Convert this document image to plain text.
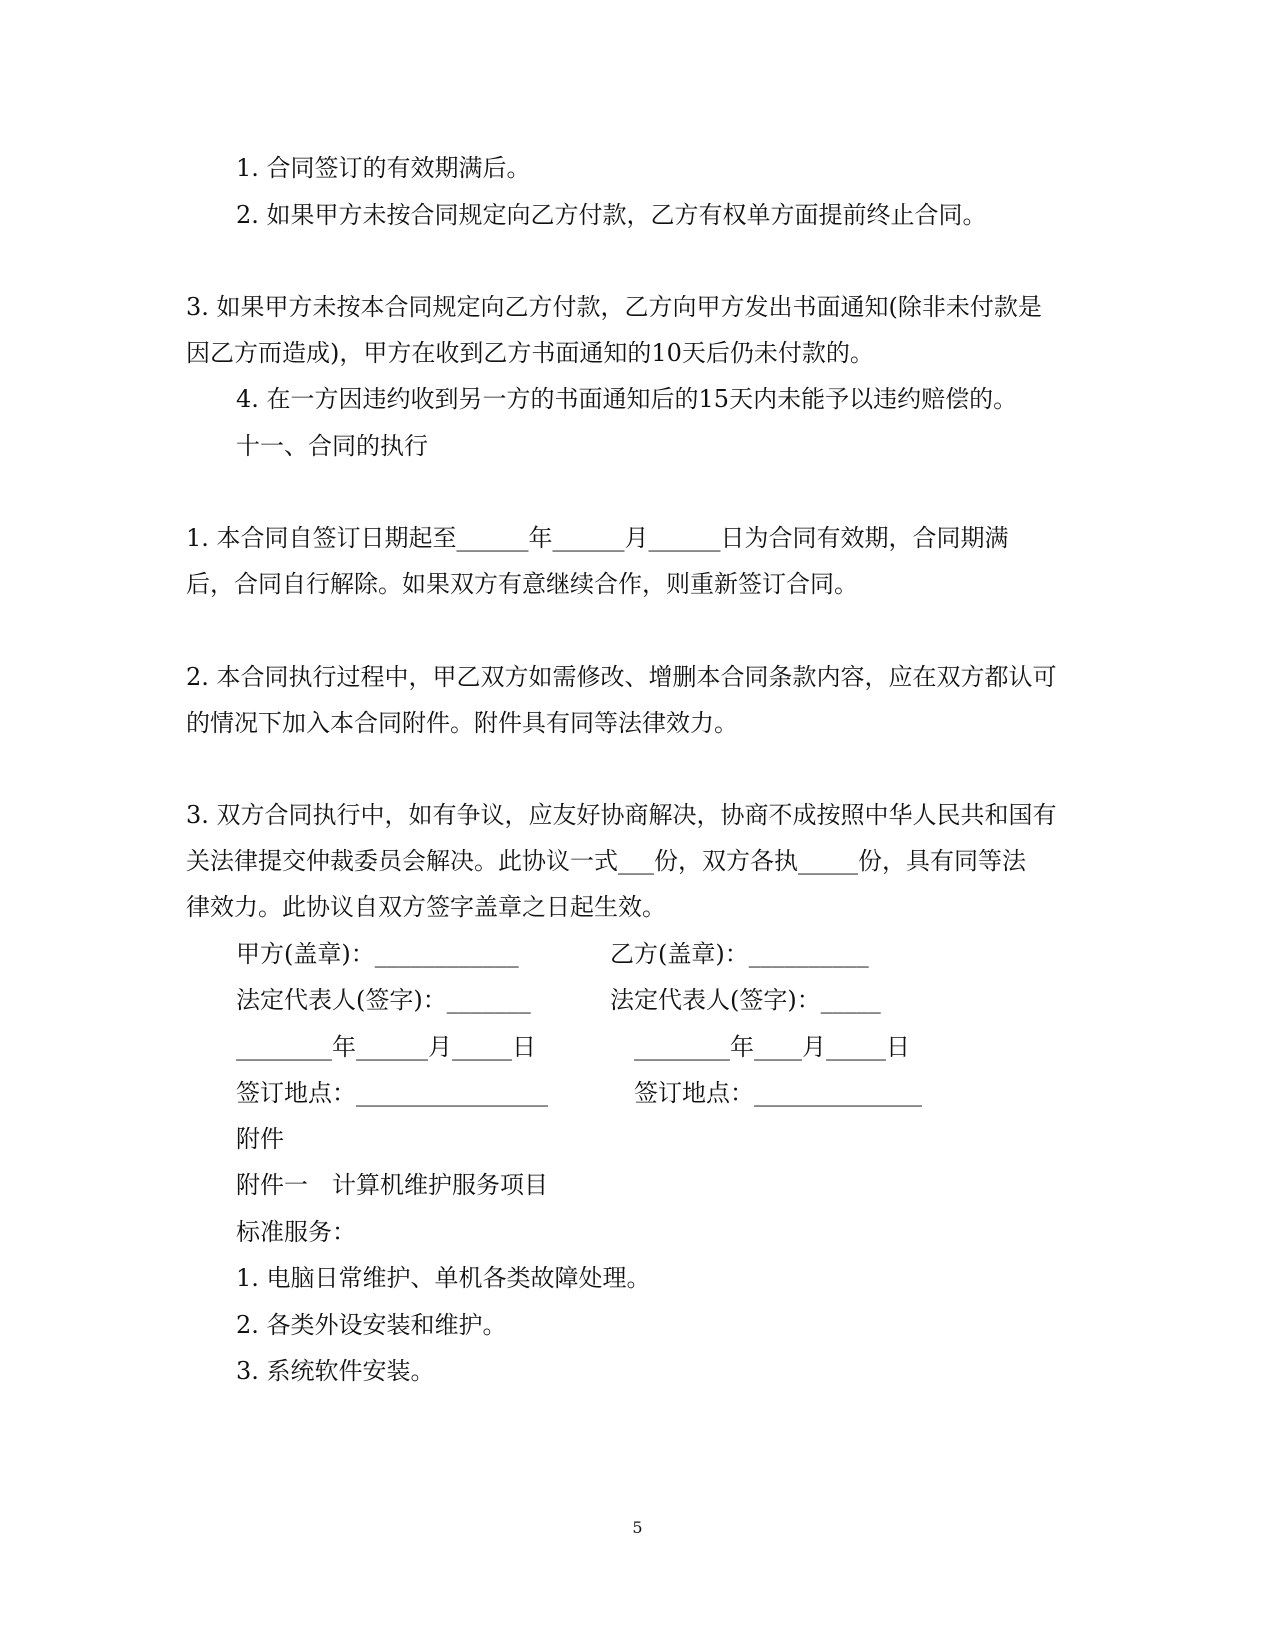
1. 合同签订的有效期满后。
2. 如果甲方未按合同规定向乙方付款，乙方有权单方面提前终止合同。
3. 如果甲方未按本合同规定向乙方付款，乙方向甲方发出书面通知(除非未付款是
因乙方而造成)，甲方在收到乙方书面通知的10天后仍未付款的。
4. 在一方因违约收到另一方的书面通知后的15天内未能予以违约赔偿的。
十一、合同的执行
1. 本合同自签订日期起至______年______月______日为合同有效期，合同期满
后，合同自行解除。如果双方有意继续合作，则重新签订合同。
2. 本合同执行过程中，甲乙双方如需修改、增删本合同条款内容，应在双方都认可
的情况下加入本合同附件。附件具有同等法律效力。
3. 双方合同执行中，如有争议，应友好协商解决，协商不成按照中华人民共和国有
关法律提交仲裁委员会解决。此协议一式___份，双方各执_____份，具有同等法
律效力。此协议自双方签字盖章之日起生效。
甲方(盖章)：____________	乙方(盖章)：__________
法定代表人(签字)：_______	法定代表人(签字)：_____
________年______月_____日	________年____月_____日
签订地点：________________	签订地点：______________
附件
附件一　计算机维护服务项目
标准服务：
1. 电脑日常维护、单机各类故障处理。
2. 各类外设安装和维护。
3. 系统软件安装。
5
